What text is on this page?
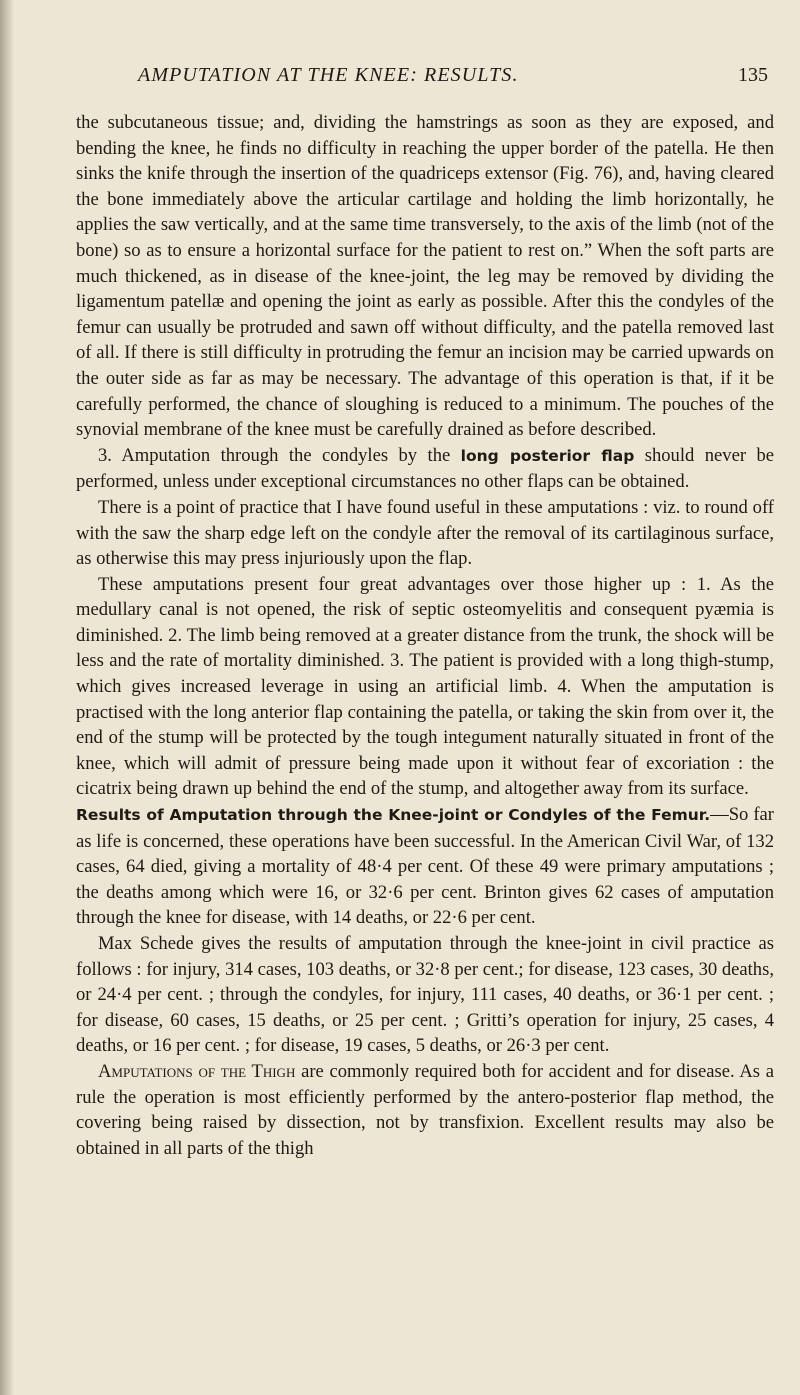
AMPUTATION AT THE KNEE: RESULTS.	135

the subcutaneous tissue; and, dividing the hamstrings as soon as they are exposed, and bending the knee, he finds no difficulty in reaching the upper border of the patella. He then sinks the knife through the insertion of the quadriceps extensor (Fig. 76), and, having cleared the bone immediately above the articular cartilage and holding the limb horizontally, he applies the saw vertically, and at the same time transversely, to the axis of the limb (not of the bone) so as to ensure a horizontal surface for the patient to rest on.” When the soft parts are much thickened, as in disease of the knee-joint, the leg may be removed by dividing the ligamentum patellæ and opening the joint as early as possible. After this the condyles of the femur can usually be protruded and sawn off without difficulty, and the patella removed last of all. If there is still difficulty in protruding the femur an incision may be carried upwards on the outer side as far as may be necessary. The advantage of this operation is that, if it be carefully performed, the chance of sloughing is reduced to a minimum. The pouches of the synovial membrane of the knee must be carefully drained as before described.

3. Amputation through the condyles by the long posterior flap should never be performed, unless under exceptional circumstances no other flaps can be obtained.

There is a point of practice that I have found useful in these amputations : viz. to round off with the saw the sharp edge left on the condyle after the removal of its cartilaginous surface, as otherwise this may press injuriously upon the flap.

These amputations present four great advantages over those higher up : 1. As the medullary canal is not opened, the risk of septic osteomyelitis and consequent pyæmia is diminished. 2. The limb being removed at a greater distance from the trunk, the shock will be less and the rate of mortality diminished. 3. The patient is provided with a long thigh-stump, which gives increased leverage in using an artificial limb. 4. When the amputation is practised with the long anterior flap containing the patella, or taking the skin from over it, the end of the stump will be protected by the tough integument naturally situated in front of the knee, which will admit of pressure being made upon it without fear of excoriation : the cicatrix being drawn up behind the end of the stump, and altogether away from its surface.

Results of Amputation through the Knee-joint or Condyles of the Femur.—So far as life is concerned, these operations have been successful. In the American Civil War, of 132 cases, 64 died, giving a mortality of 48·4 per cent. Of these 49 were primary amputations ; the deaths among which were 16, or 32·6 per cent. Brinton gives 62 cases of amputation through the knee for disease, with 14 deaths, or 22·6 per cent.

Max Schede gives the results of amputation through the knee-joint in civil practice as follows : for injury, 314 cases, 103 deaths, or 32·8 per cent.; for disease, 123 cases, 30 deaths, or 24·4 per cent. ; through the condyles, for injury, 111 cases, 40 deaths, or 36·1 per cent. ; for disease, 60 cases, 15 deaths, or 25 per cent. ; Gritti’s operation for injury, 25 cases, 4 deaths, or 16 per cent. ; for disease, 19 cases, 5 deaths, or 26·3 per cent.

Amputations of the Thigh are commonly required both for accident and for disease. As a rule the operation is most efficiently performed by the antero-posterior flap method, the covering being raised by dissection, not by transfixion. Excellent results may also be obtained in all parts of the thigh
